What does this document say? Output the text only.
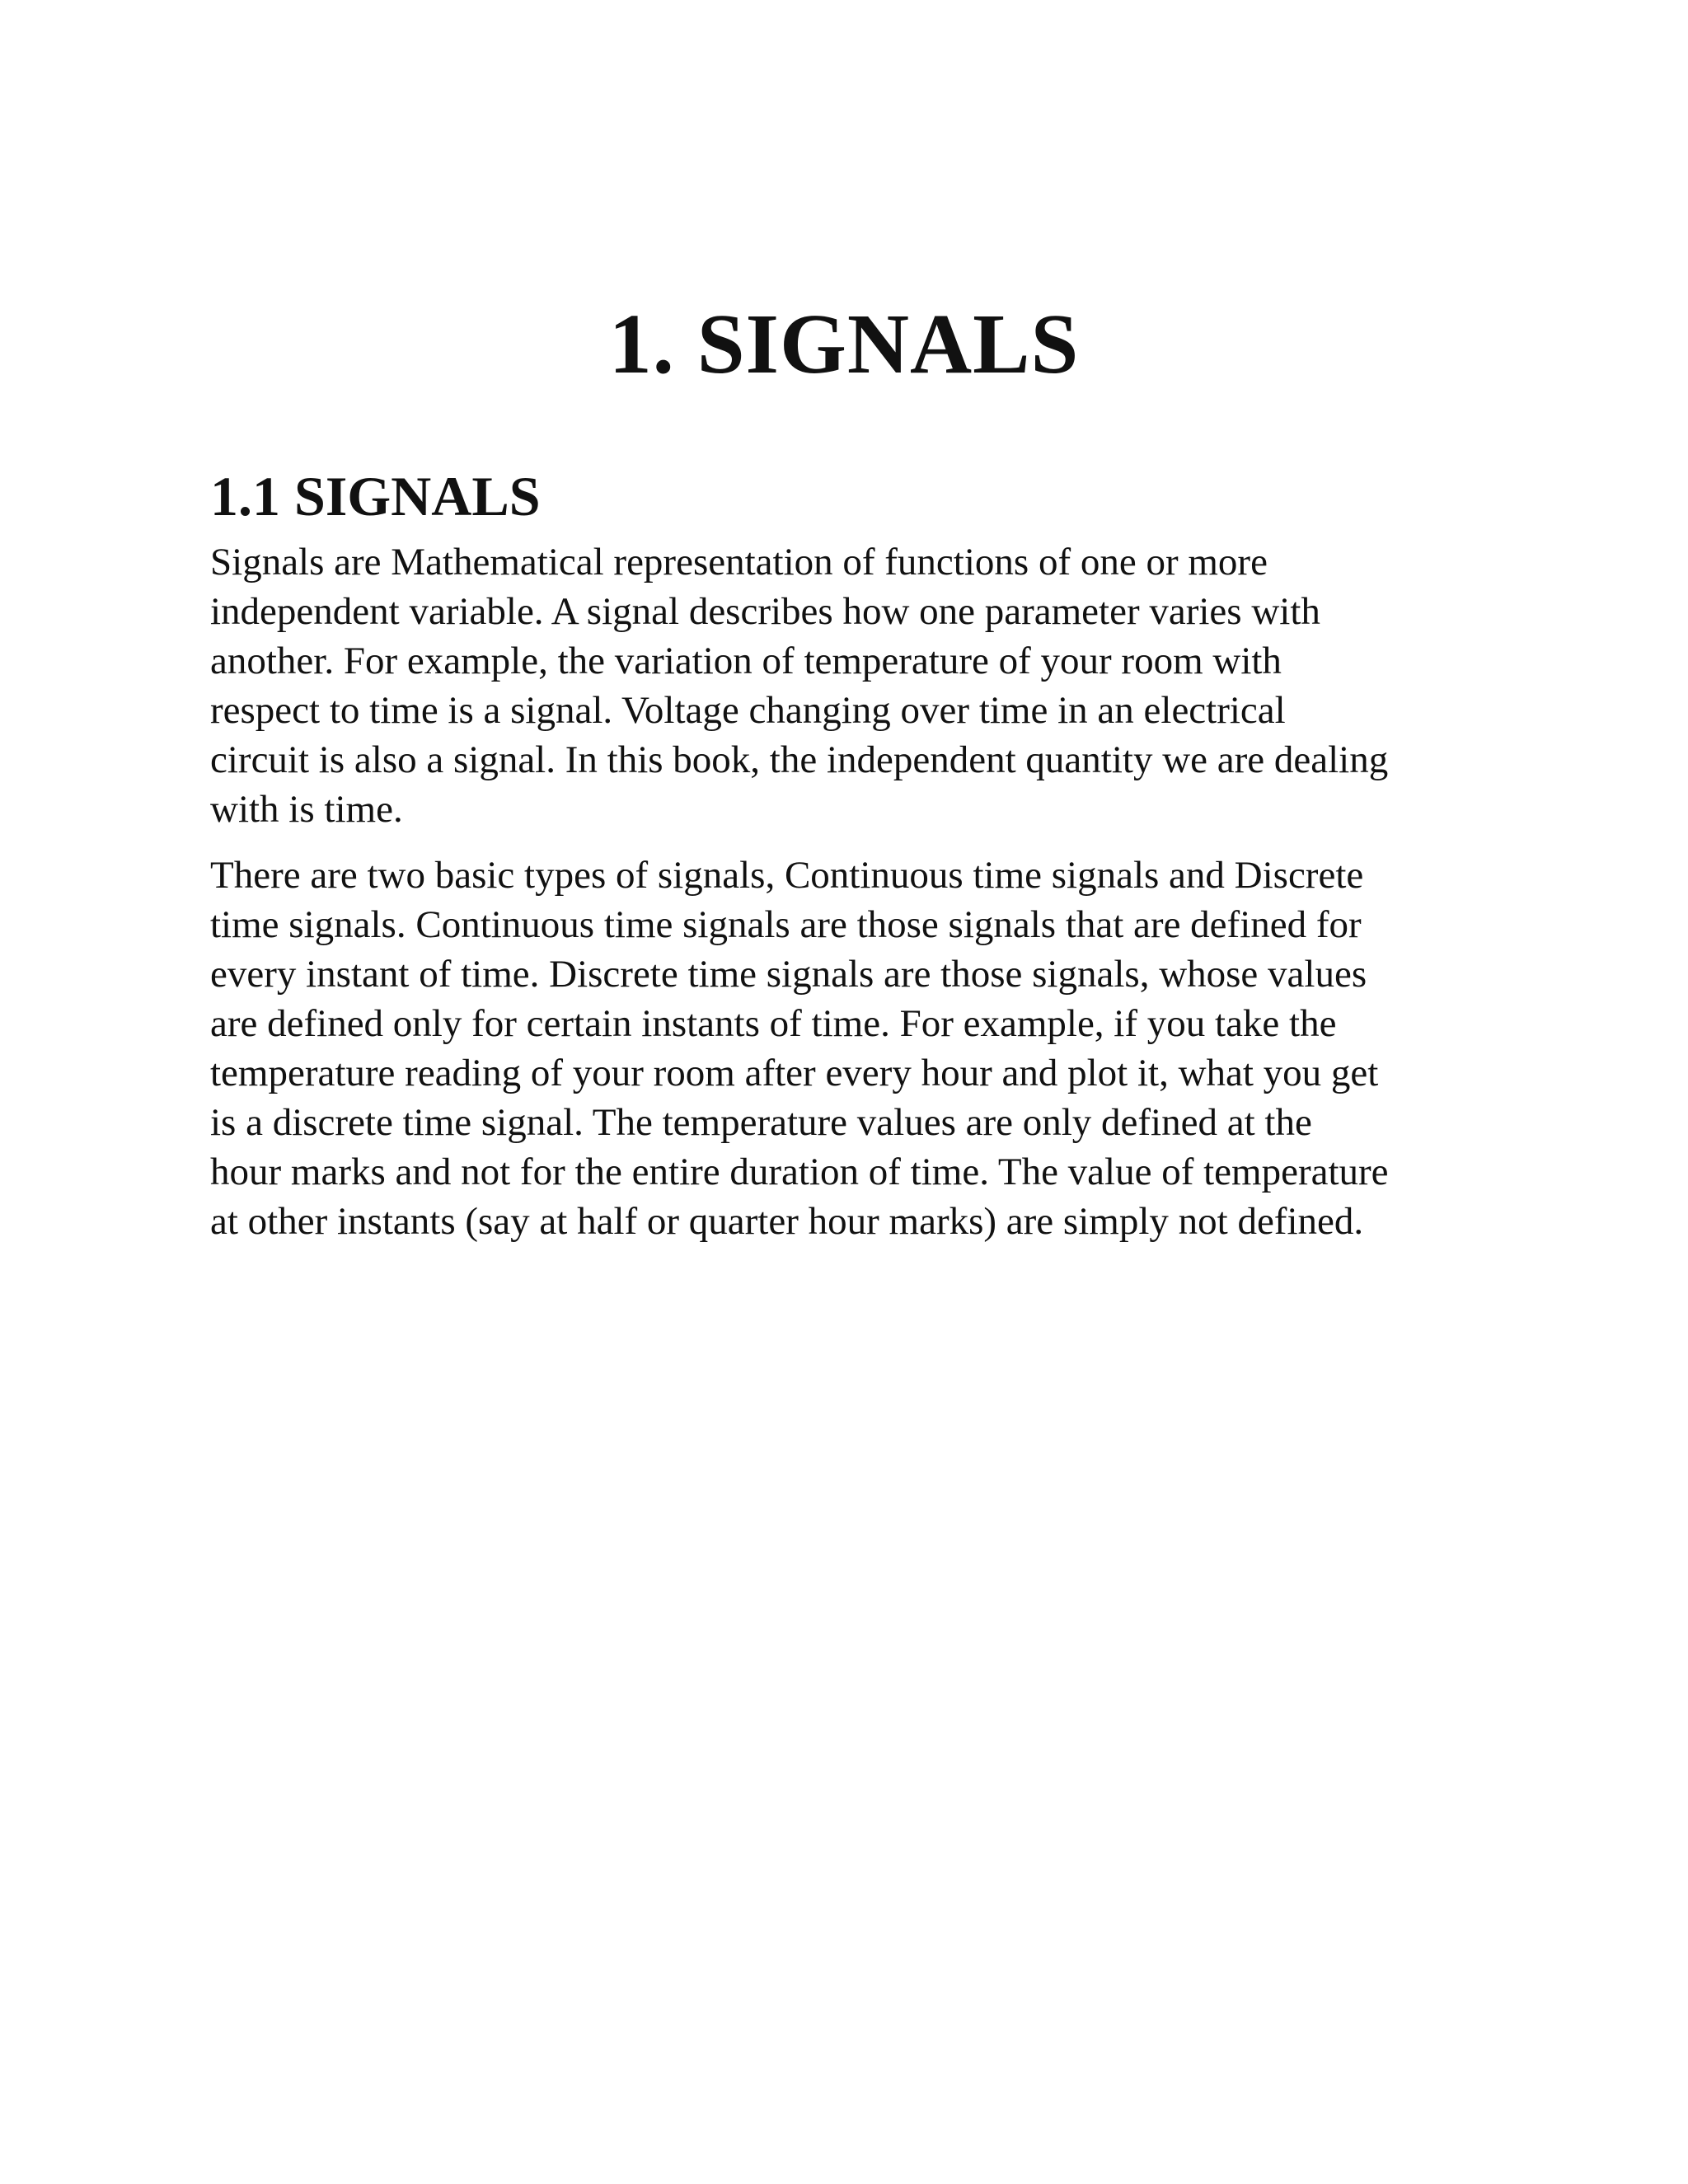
1. SIGNALS
1.1 SIGNALS

Signals are Mathematical representation of functions of one or more
independent variable. A signal describes how one parameter varies with
another. For example, the variation of temperature of your room with
respect to time is a signal. Voltage changing over time in an electrical
circuit is also a signal. In this book, the independent quantity we are dealing
with is time.

There are two basic types of signals, Continuous time signals and Discrete
time signals. Continuous time signals are those signals that are defined for
every instant of time. Discrete time signals are those signals, whose values
are defined only for certain instants of time. For example, if you take the
temperature reading of your room after every hour and plot it, what you get
is a discrete time signal. The temperature values are only defined at the
hour marks and not for the entire duration of time. The value of temperature
at other instants (say at half or quarter hour marks) are simply not defined.
